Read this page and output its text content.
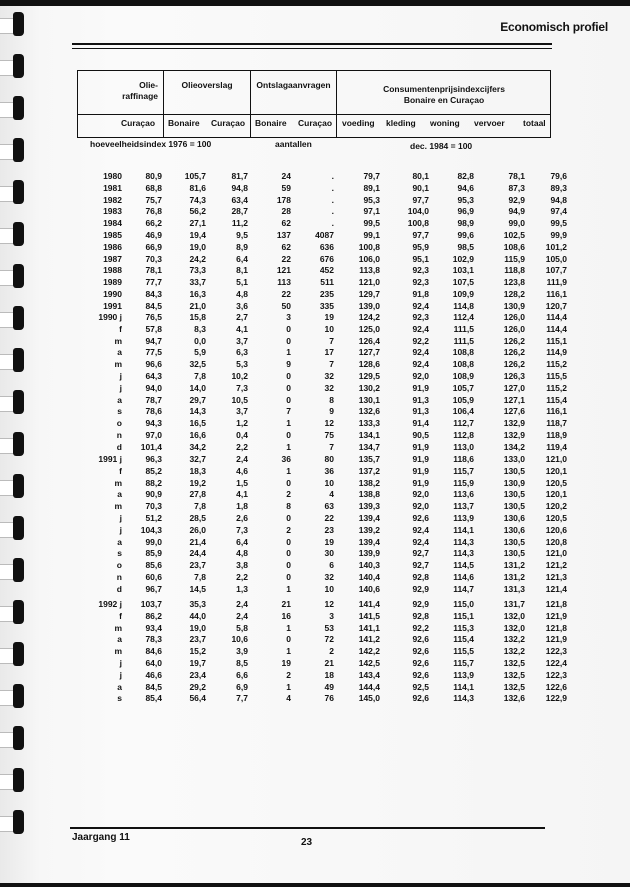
Economisch profiel
Olie-
raffinage
Olieoverslag	Ontslagaanvragen	Consumentenprijsindexcijfers
Bonaire en Curaçao
Curaçao Bonaire Curaçao Bonaire Curaçao voeding kleding woning vervoer totaal
hoeveelheidsindex 1976 = 100	aantallen	dec. 1984 = 100
1980	80,9	105,7	81,7	24	.	79,7	80,1	82,8	78,1	79,6
1981	68,8	81,6	94,8	59	.	89,1	90,1	94,6	87,3	89,3
1982	75,7	74,3	63,4	178	.	95,3	97,7	95,3	92,9	94,8
1983	76,8	56,2	28,7	28	.	97,1	104,0	96,9	94,9	97,4
1984	66,2	27,1	11,2	62	.	99,5	100,8	98,9	99,0	99,5
1985	46,9	19,4	9,5	137	4087	99,1	97,7	99,6	102,5	99,9
1986	66,9	19,0	8,9	62	636	100,8	95,9	98,5	108,6 101,2
1987	70,3	24,2	6,4	22	676	106,0	95,1	102,9	115,9 105,0
1988	78,1	73,3	8,1	121	452	113,8	92,3	103,1	118,8 107,7
1989	77,7	33,7	5,1	113	511	121,0	92,3	107,5	123,8	111,9
1990	84,3	16,3	4,8	22	235	129,7	91,8	109,9	128,2 116,1
1991	84,5	21,0	3,6	50	335	139,0	92,4	114,8	130,9 120,7
1990 j	76,5	15,8	2,7	3	19	124,2	92,3	112,4	126,0 114,4
f	57,8	8,3	4,1	0	10	125,0	92,4	111,5	126,0 114,4
m	94,7	0,0	3,7	0	7	126,4	92,2	111,5	126,2 115,1
a	77,5	5,9	6,3	1	17	127,7	92,4	108,8	126,2 114,9
m	96,6	32,5	5,3	9	7	128,6	92,4	108,8	126,2 115,2
j	64,3	7,8	10,2	0	32	129,5	92,0	108,9	126,3 115,5
j	94,0	14,0	7,3	0	32	130,2	91,9	105,7	127,0 115,2
a	78,7	29,7	10,5	0	8	130,1	91,3	105,9	127,1 115,4
s	78,6	14,3	3,7	7	9	132,6	91,3	106,4	127,6 116,1
o	94,3	16,5	1,2	1	12	133,3	91,4	112,7	132,9 118,7
n	97,0	16,6	0,4	0	75	134,1	90,5	112,8	132,9 118,9
d 101,4	34,2	2,2	1	7	134,7	91,9	113,0	134,2 119,4
1991 j	96,3	32,7	2,4	36	80	135,7	91,9	118,6	133,0 121,0
f	85,2	18,3	4,6	1	36	137,2	91,9	115,7	130,5 120,1
m	88,2	19,2	1,5	0	10	138,2	91,9	115,9	130,9 120,5
a	90,9	27,8	4,1	2	4	138,8	92,0	113,6	130,5 120,1
m	70,3	7,8	1,8	8	63	139,3	92,0	113,7	130,5 120,2
j	51,2	28,5	2,6	0	22	139,4	92,6	113,9	130,6 120,5
j 104,3	26,0	7,3	2	23	139,2	92,4	114,1	130,6 120,6
a	99,0	21,4	6,4	0	19	139,4	92,4	114,3	130,5 120,8
s	85,9	24,4	4,8	0	30	139,9	92,7	114,3	130,5 121,0
o	85,6	23,7	3,8	0	6	140,3	92,7	114,5	131,2 121,2
n	60,6	7,8	2,2	0	32	140,4	92,8	114,6	131,2 121,3
d	96,7	14,5	1,3	1	10	140,6	92,9	114,7	131,3 121,4
1992 j 103,7	35,3	2,4	21	12	141,4	92,9	115,0	131,7 121,8
f	86,2	44,0	2,4	16	3	141,5	92,8	115,1	132,0 121,9
m	93,4	19,0	5,8	1	53	141,1	92,2	115,3	132,0 121,8
a	78,3	23,7	10,6	0	72	141,2	92,6	115,4	132,2 121,9
m	84,6	15,2	3,9	1	2	142,2	92,6	115,5	132,2 122,3
j	64,0	19,7	8,5	19	21	142,5	92,6	115,7	132,5 122,4
j	46,6	23,4	6,6	2	18	143,4	92,6	113,9	132,5 122,3
a	84,5	29,2	6,9	1	49	144,4	92,5	114,1	132,5 122,6
s	85,4	56,4	7,7	4	76	145,0	92,6	114,3	132,6 122,9
Jaargang 11	23
